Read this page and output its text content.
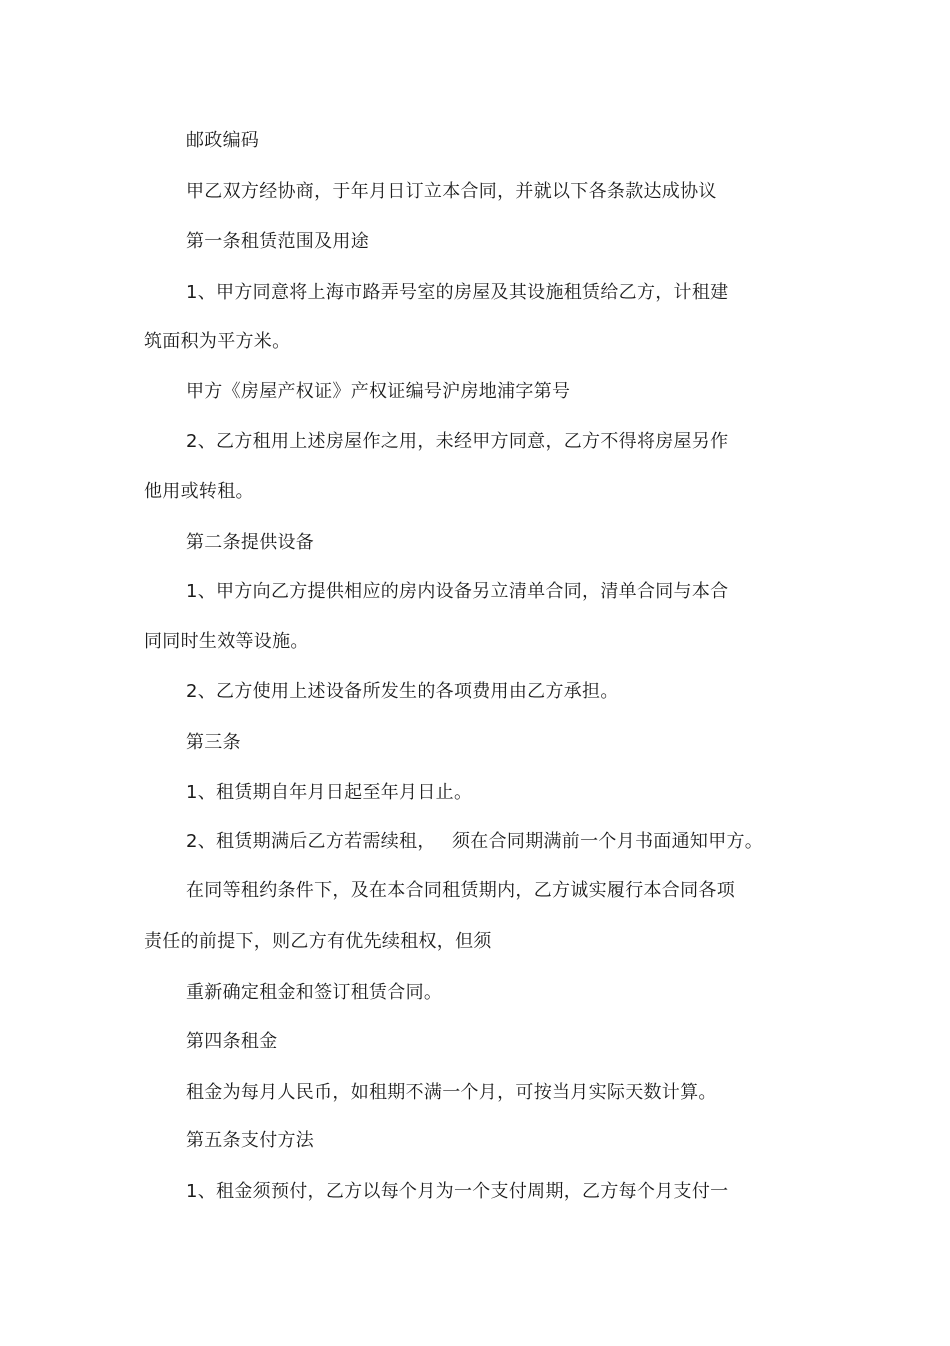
邮政编码
甲乙双方经协商，于年月日订立本合同，并就以下各条款达成协议
第一条租赁范围及用途
1、甲方同意将上海市路弄号室的房屋及其设施租赁给乙方，计租建
筑面积为平方米。
甲方《房屋产权证》产权证编号沪房地浦字第号
2、乙方租用上述房屋作之用，未经甲方同意，乙方不得将房屋另作
他用或转租。
第二条提供设备
1、甲方向乙方提供相应的房内设备另立清单合同，清单合同与本合
同同时生效等设施。
2、乙方使用上述设备所发生的各项费用由乙方承担。
第三条
1、租赁期自年月日起至年月日止。
2、租赁期满后乙方若需续租， 须在合同期满前一个月书面通知甲方。
在同等租约条件下，及在本合同租赁期内，乙方诚实履行本合同各项
责任的前提下，则乙方有优先续租权，但须
重新确定租金和签订租赁合同。
第四条租金
租金为每月人民币，如租期不满一个月，可按当月实际天数计算。
第五条支付方法
1、租金须预付，乙方以每个月为一个支付周期，乙方每个月支付一
